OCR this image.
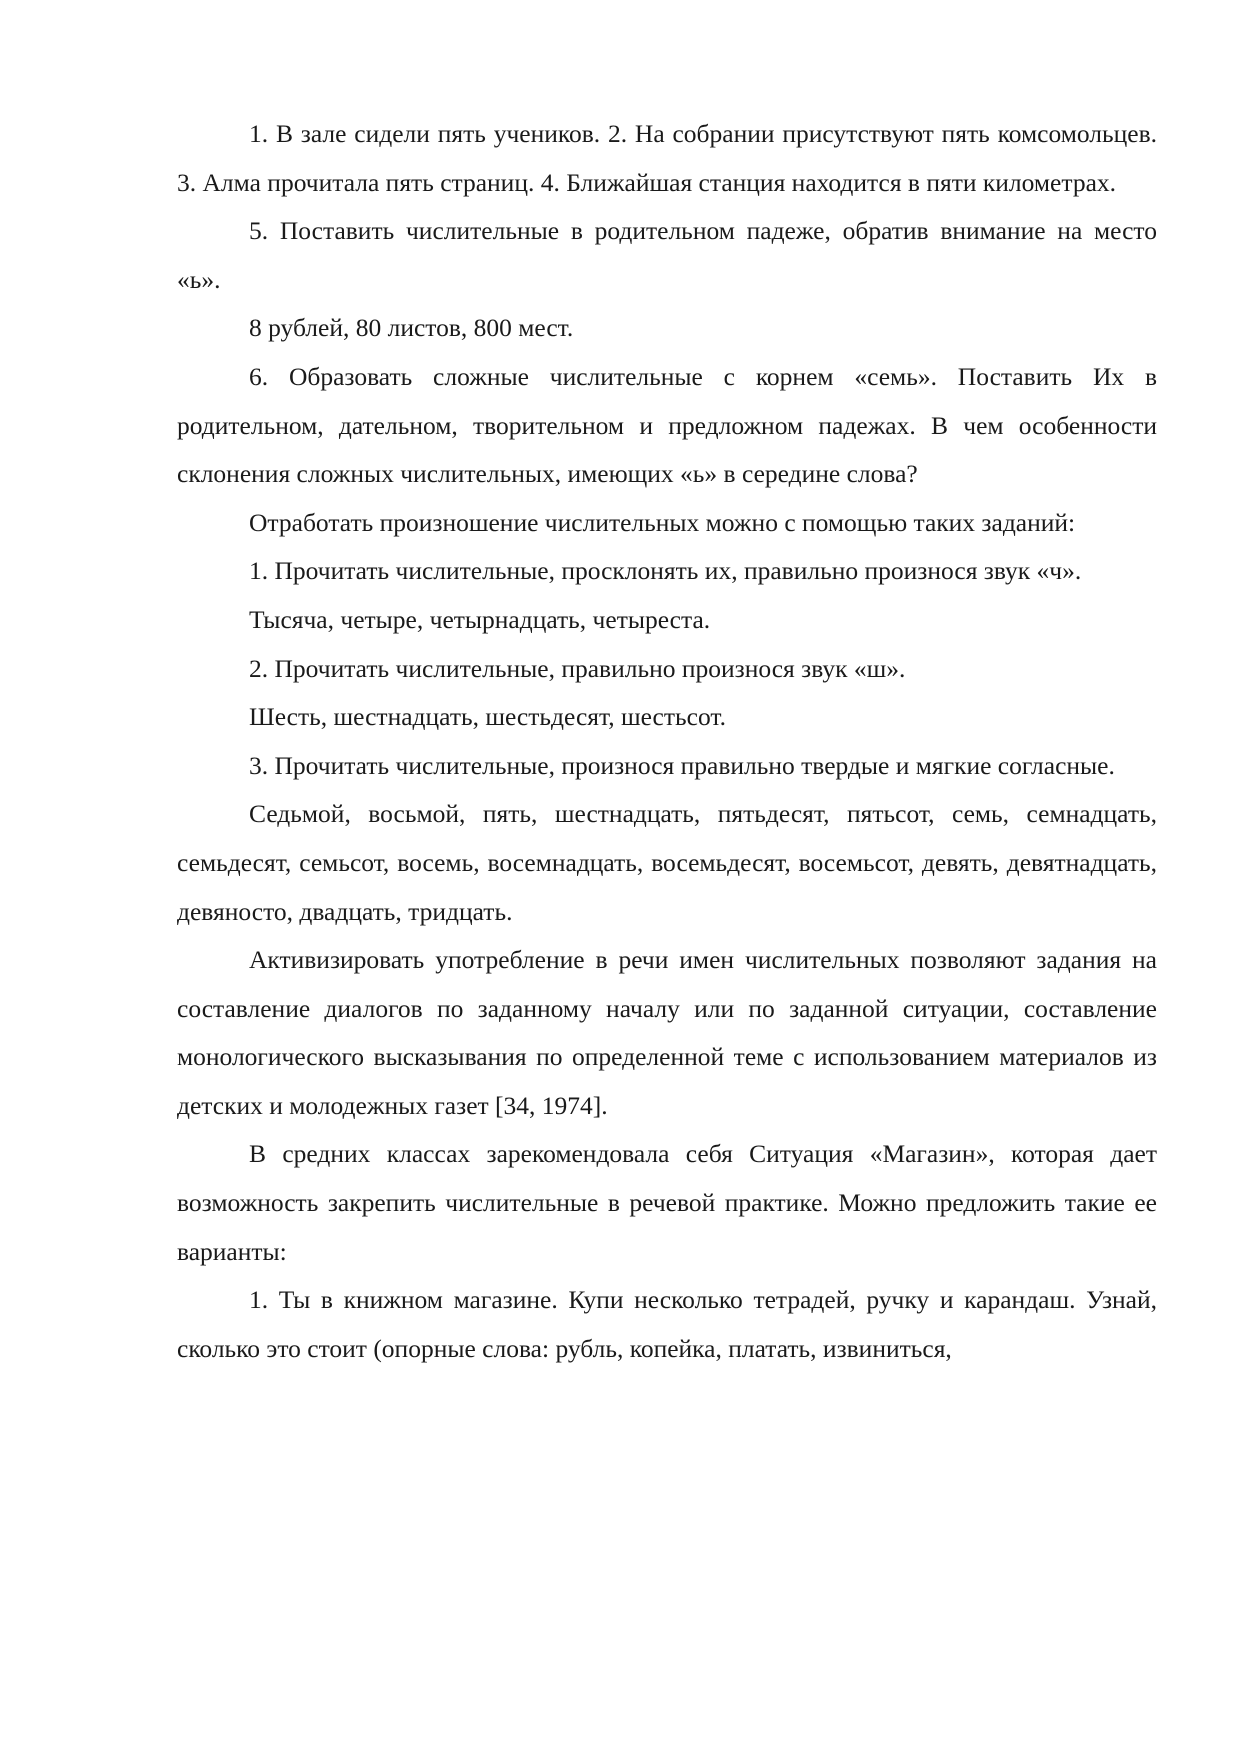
1. В зале сидели пять учеников. 2. На собрании присутствуют пять комсомольцев. 3. Алма прочитала пять страниц. 4. Ближайшая станция находится в пяти километрах.

5. Поставить числительные в родительном падеже, обратив внимание на место «ь».

8 рублей, 80 листов, 800 мест.

6. Образовать сложные числительные с корнем «семь». Поставить Их в родительном, дательном, творительном и предложном падежах. В чем особенности склонения сложных числительных, имеющих «ь» в середине слова?

Отработать произношение числительных можно с помощью таких заданий:

1. Прочитать числительные, просклонять их, правильно произнося звук «ч».

Тысяча, четыре, четырнадцать, четыреста.

2. Прочитать числительные, правильно произнося звук «ш».

Шесть, шестнадцать, шестьдесят, шестьсот.

3. Прочитать числительные, произнося правильно твердые и мягкие согласные.

Седьмой, восьмой, пять, шестнадцать, пятьдесят, пятьсот, семь, семнадцать, семьдесят, семьсот, восемь, восемнадцать, восемьдесят, восемьсот, девять, девятнадцать, девяносто, двадцать, тридцать.

Активизировать употребление в речи имен числительных позволяют задания на составление диалогов по заданному началу или по заданной ситуации, составление монологического высказывания по определенной теме с использованием материалов из детских и молодежных газет [34, 1974].

В средних классах зарекомендовала себя Ситуация «Магазин», которая дает возможность закрепить числительные в речевой практике. Можно предложить такие ее варианты:

1. Ты в книжном магазине. Купи несколько тетрадей, ручку и карандаш. Узнай, сколько это стоит (опорные слова: рубль, копейка, платать, извиниться,
